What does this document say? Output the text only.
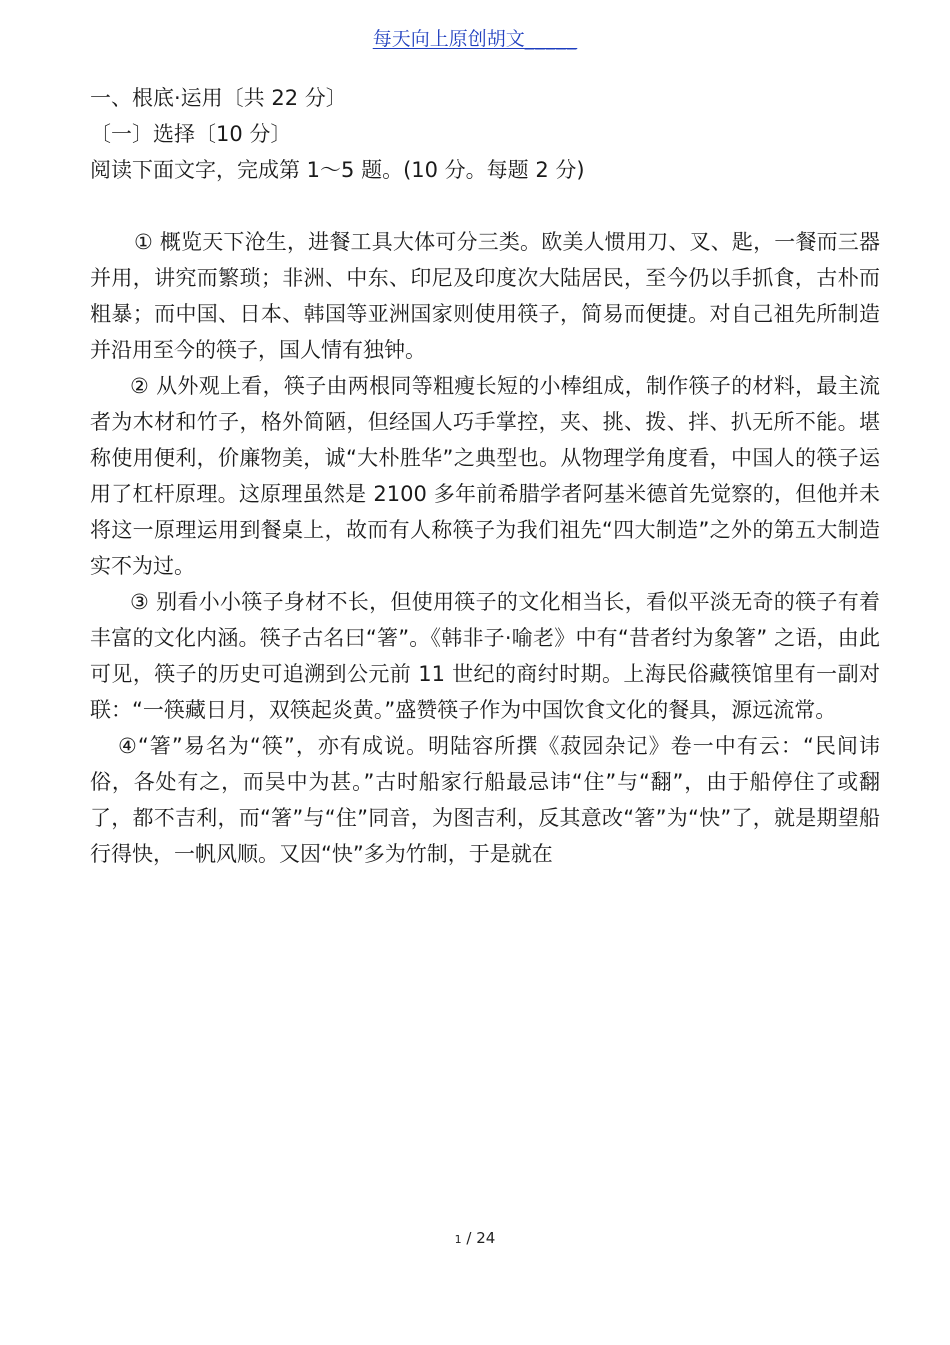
每天向上原创胡文_____

一、根底·运用〔共 22 分〕

〔一〕选择〔10 分〕

阅读下面文字，完成第 1～5 题。(10 分。每题 2 分)

① 概览天下沧生，进餐工具大体可分三类。欧美人惯用刀、叉、匙，一餐而三器并用，讲究而繁琐；非洲、中东、印尼及印度次大陆居民，至今仍以手抓食，古朴而粗暴；而中国、日本、韩国等亚洲国家则使用筷子，简易而便捷。对自己祖先所制造并沿用至今的筷子，国人情有独钟。

② 从外观上看，筷子由两根同等粗瘦长短的小棒组成，制作筷子的材料，最主流者为木材和竹子，格外简陋，但经国人巧手掌控，夹、挑、拨、拌、扒无所不能。堪称使用便利，价廉物美，诚“大朴胜华”之典型也。从物理学角度看，中国人的筷子运用了杠杆原理。这原理虽然是 2100 多年前希腊学者阿基米德首先觉察的，但他并未将这一原理运用到餐桌上，故而有人称筷子为我们祖先“四大制造”之外的第五大制造实不为过。

③ 别看小小筷子身材不长，但使用筷子的文化相当长，看似平淡无奇的筷子有着丰富的文化内涵。筷子古名曰“箸”。《韩非子·喻老》中有“昔者纣为象箸” 之语，由此可见，筷子的历史可追溯到公元前 11 世纪的商纣时期。上海民俗藏筷馆里有一副对联：“一筷藏日月，双筷起炎黄。”盛赞筷子作为中国饮食文化的餐具，源远流常。

④“箸”易名为“筷”，亦有成说。明陆容所撰《菽园杂记》卷一中有云：“民间讳俗，各处有之，而吴中为甚。”古时船家行船最忌讳“住”与“翻”，由于船停住了或翻了，都不吉利，而“箸”与“住”同音，为图吉利，反其意改“箸”为“快”了，就是期望船行得快，一帆风顺。又因“快”多为竹制，于是就在

1 / 24
